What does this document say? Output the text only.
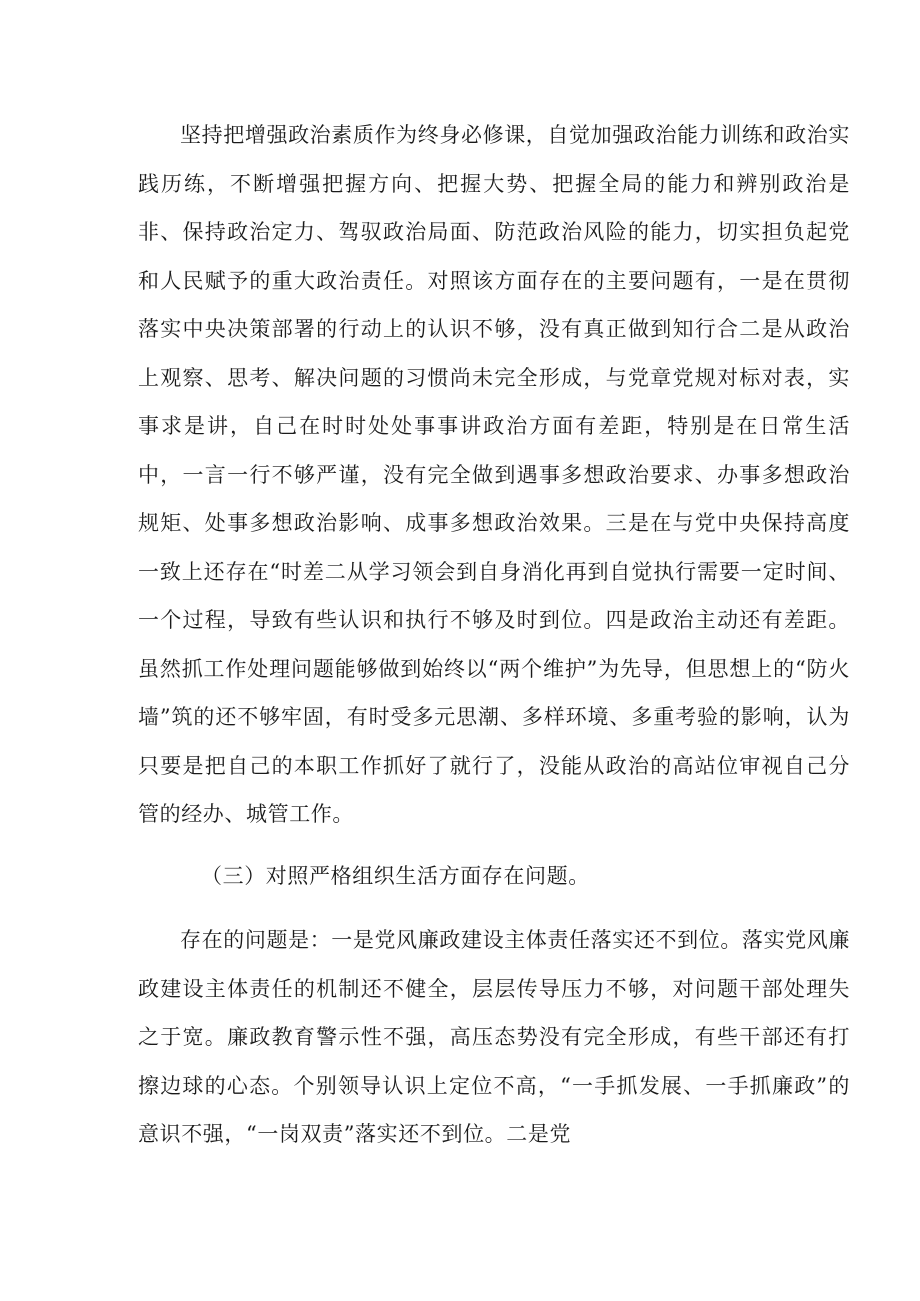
坚持把增强政治素质作为终身必修课，自觉加强政治能力训练和政治实践历练，不断增强把握方向、把握大势、把握全局的能力和辨别政治是非、保持政治定力、驾驭政治局面、防范政治风险的能力，切实担负起党和人民赋予的重大政治责任。对照该方面存在的主要问题有，一是在贯彻落实中央决策部署的行动上的认识不够，没有真正做到知行合二是从政治上观察、思考、解决问题的习惯尚未完全形成，与党章党规对标对表，实事求是讲，自己在时时处处事事讲政治方面有差距，特别是在日常生活中，一言一行不够严谨，没有完全做到遇事多想政治要求、办事多想政治规矩、处事多想政治影响、成事多想政治效果。三是在与党中央保持高度一致上还存在“时差二从学习领会到自身消化再到自觉执行需要一定时间、一个过程，导致有些认识和执行不够及时到位。四是政治主动还有差距。虽然抓工作处理问题能够做到始终以“两个维护”为先导，但思想上的“防火墙”筑的还不够牢固，有时受多元思潮、多样环境、多重考验的影响，认为只要是把自己的本职工作抓好了就行了，没能从政治的高站位审视自己分管的经办、城管工作。

（三）对照严格组织生活方面存在问题。

存在的问题是：一是党风廉政建设主体责任落实还不到位。落实党风廉政建设主体责任的机制还不健全，层层传导压力不够，对问题干部处理失之于宽。廉政教育警示性不强，高压态势没有完全形成，有些干部还有打擦边球的心态。个别领导认识上定位不高，“一手抓发展、一手抓廉政”的意识不强，“一岗双责”落实还不到位。二是党
